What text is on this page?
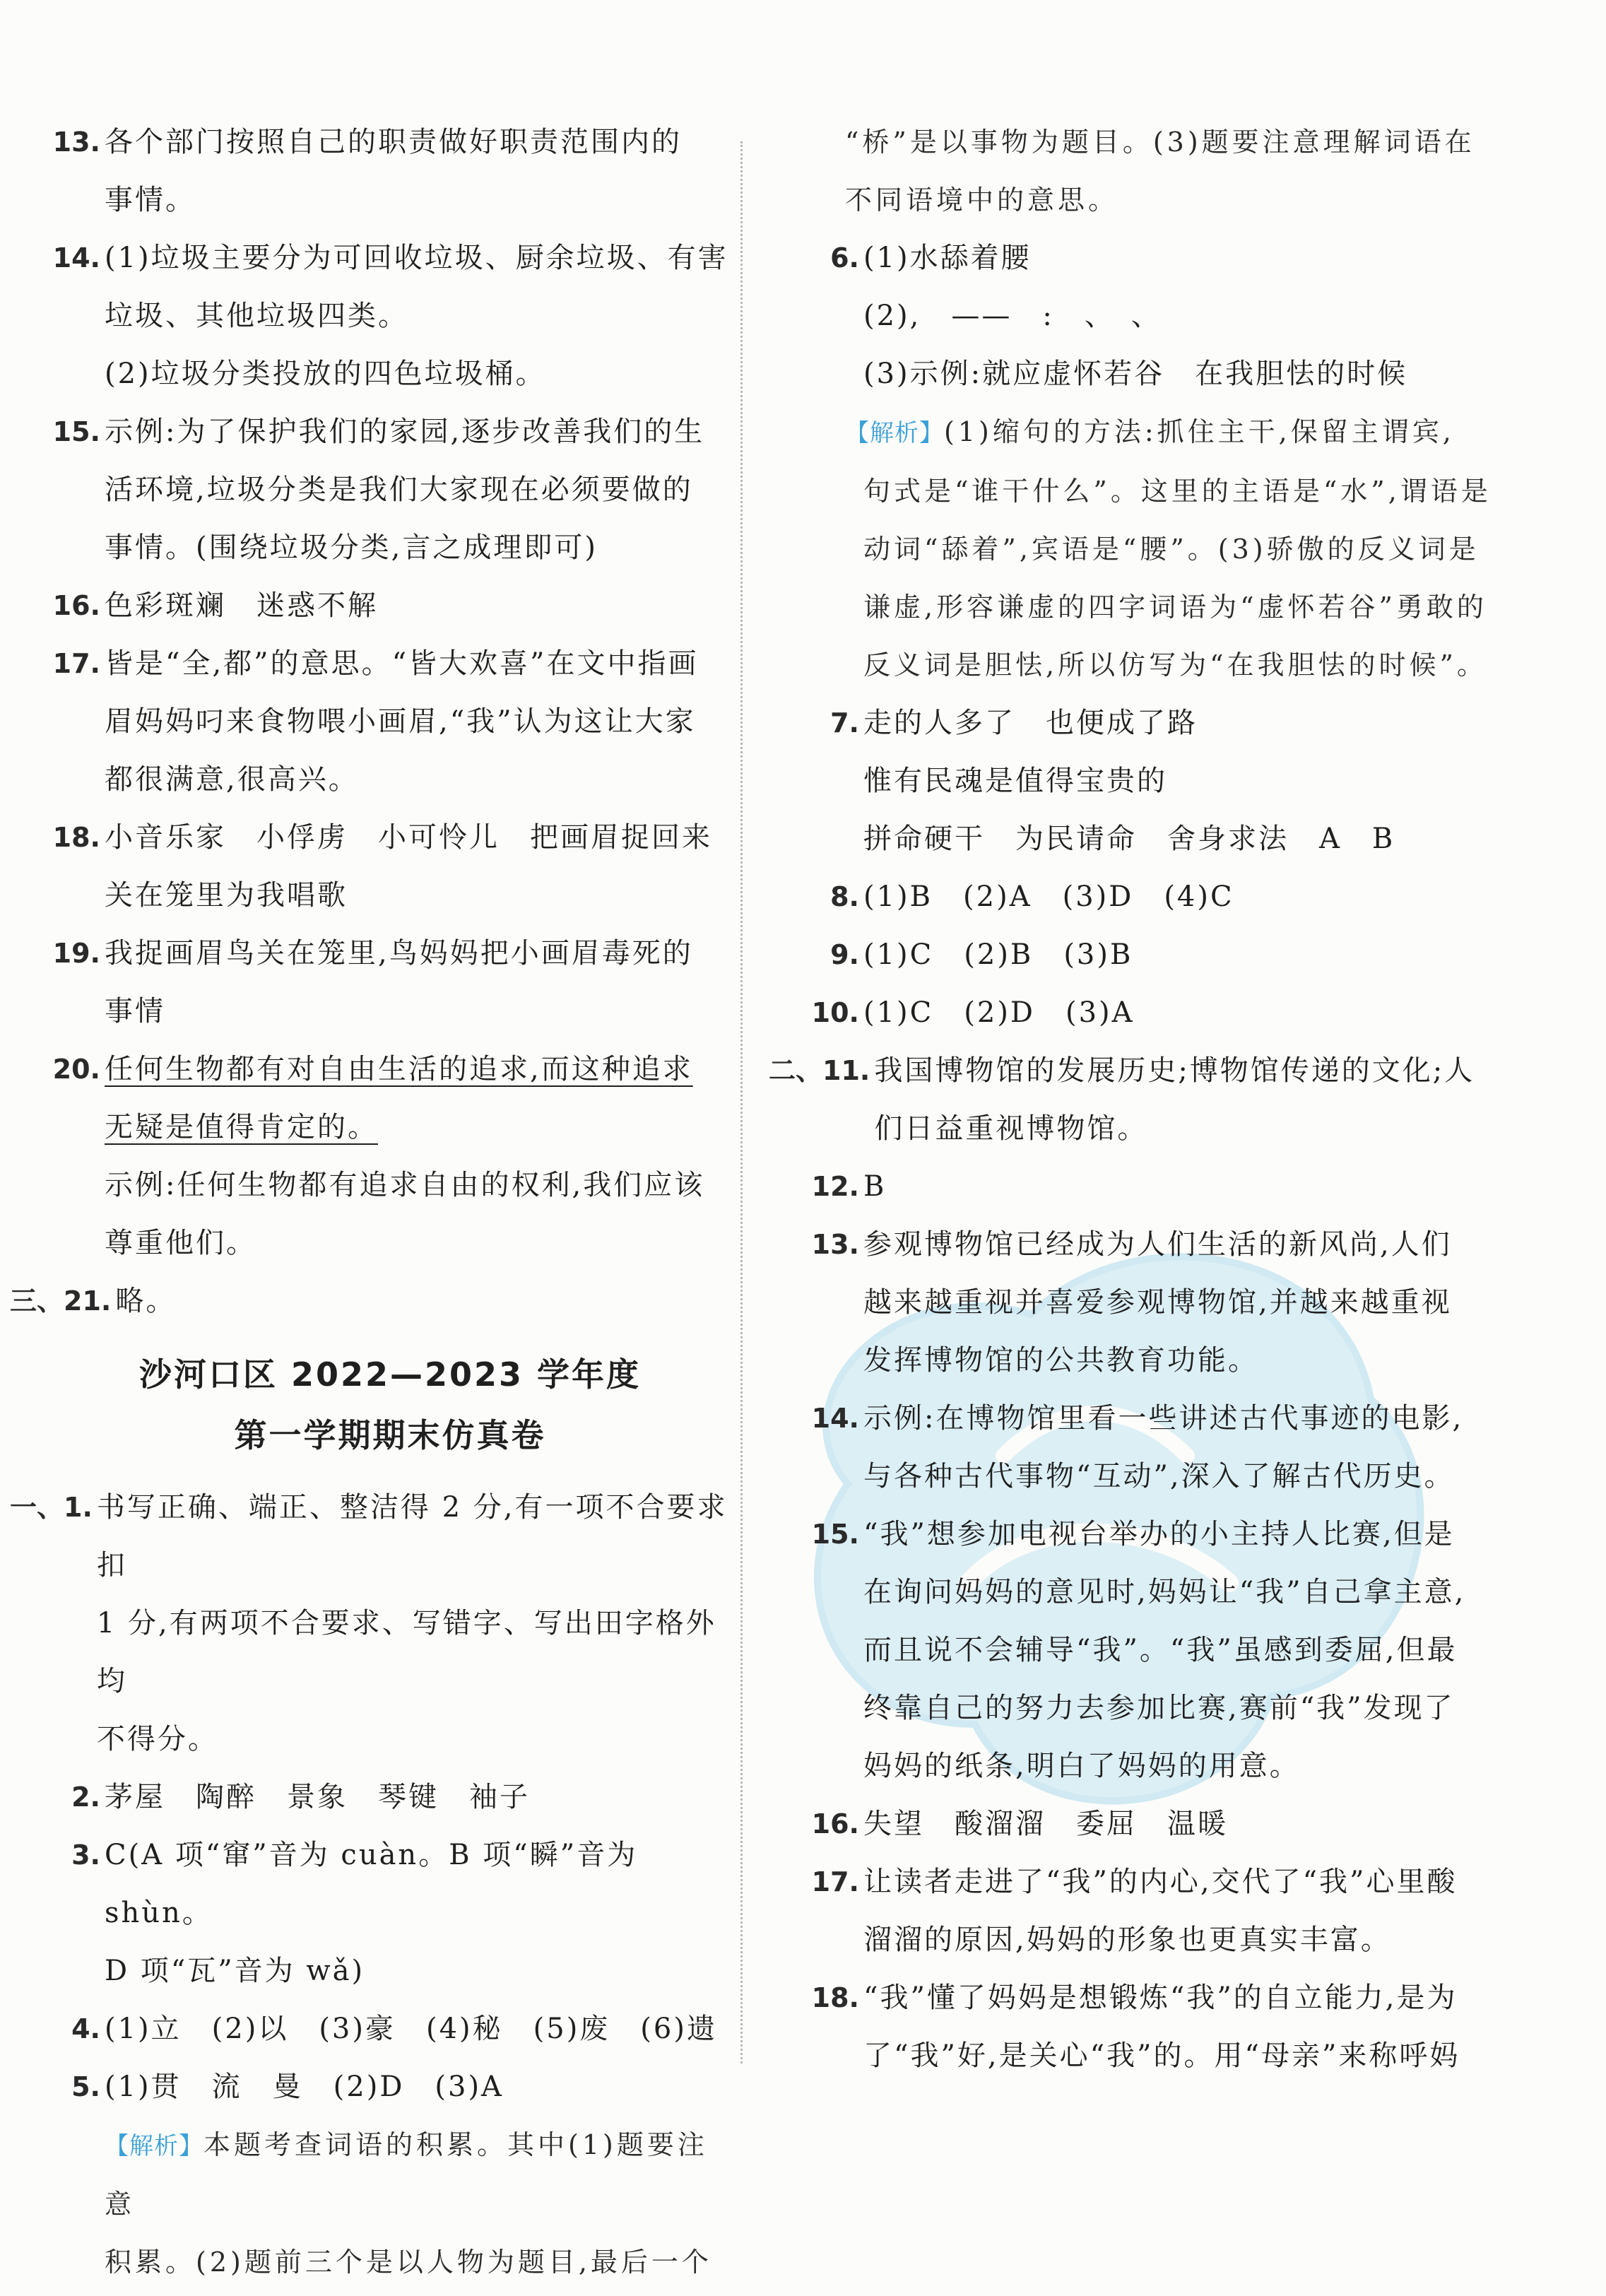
13. 各个部门按照自己的职责做好职责范围内的
事情。
14. (1)垃圾主要分为可回收垃圾、厨余垃圾、有害
垃圾、其他垃圾四类。
(2)垃圾分类投放的四色垃圾桶。
15. 示例:为了保护我们的家园,逐步改善我们的生
活环境,垃圾分类是我们大家现在必须要做的
事情。(围绕垃圾分类,言之成理即可)
16. 色彩斑斓　迷惑不解
17. 皆是“全,都”的意思。“皆大欢喜”在文中指画
眉妈妈叼来食物喂小画眉,“我”认为这让大家
都很满意,很高兴。
18. 小音乐家　小俘虏　小可怜儿　把画眉捉回来
关在笼里为我唱歌
19. 我捉画眉鸟关在笼里,鸟妈妈把小画眉毒死的
事情
20. 任何生物都有对自由生活的追求,而这种追求
无疑是值得肯定的。
示例:任何生物都有追求自由的权利,我们应该
尊重他们。
三、21. 略。
沙河口区 2022—2023 学年度
第一学期期末仿真卷
一、1. 书写正确、端正、整洁得 2 分,有一项不合要求扣
1 分,有两项不合要求、写错字、写出田字格外均
不得分。
2. 茅屋　陶醉　景象　琴键　袖子
3. C(A 项“窜”音为 cuàn。B 项“瞬”音为 shùn。
D 项“瓦”音为 wǎ)
4. (1)立　(2)以　(3)豪　(4)秘　(5)废　(6)遗
5. (1)贯　流　曼　(2)D　(3)A
【解析】本题考查词语的积累。其中(1)题要注意
积累。(2)题前三个是以人物为题目,最后一个
“桥”是以事物为题目。(3)题要注意理解词语在
不同语境中的意思。
6. (1)水舔着腰
(2),　——　:　、　、
(3)示例:就应虚怀若谷　在我胆怯的时候
【解析】(1)缩句的方法:抓住主干,保留主谓宾,
句式是“谁干什么”。这里的主语是“水”,谓语是
动词“舔着”,宾语是“腰”。(3)骄傲的反义词是
谦虚,形容谦虚的四字词语为“虚怀若谷”勇敢的
反义词是胆怯,所以仿写为“在我胆怯的时候”。
7. 走的人多了　也便成了路
惟有民魂是值得宝贵的
拼命硬干　为民请命　舍身求法　A　B
8. (1)B　(2)A　(3)D　(4)C
9. (1)C　(2)B　(3)B
10. (1)C　(2)D　(3)A
二、11. 我国博物馆的发展历史;博物馆传递的文化;人
们日益重视博物馆。
12. B
13. 参观博物馆已经成为人们生活的新风尚,人们
越来越重视并喜爱参观博物馆,并越来越重视
发挥博物馆的公共教育功能。
14. 示例:在博物馆里看一些讲述古代事迹的电影,
与各种古代事物“互动”,深入了解古代历史。
15. “我”想参加电视台举办的小主持人比赛,但是
在询问妈妈的意见时,妈妈让“我”自己拿主意,
而且说不会辅导“我”。“我”虽感到委屈,但最
终靠自己的努力去参加比赛,赛前“我”发现了
妈妈的纸条,明白了妈妈的用意。
16. 失望　酸溜溜　委屈　温暖
17. 让读者走进了“我”的内心,交代了“我”心里酸
溜溜的原因,妈妈的形象也更真实丰富。
18. “我”懂了妈妈是想锻炼“我”的自立能力,是为
了“我”好,是关心“我”的。用“母亲”来称呼妈
